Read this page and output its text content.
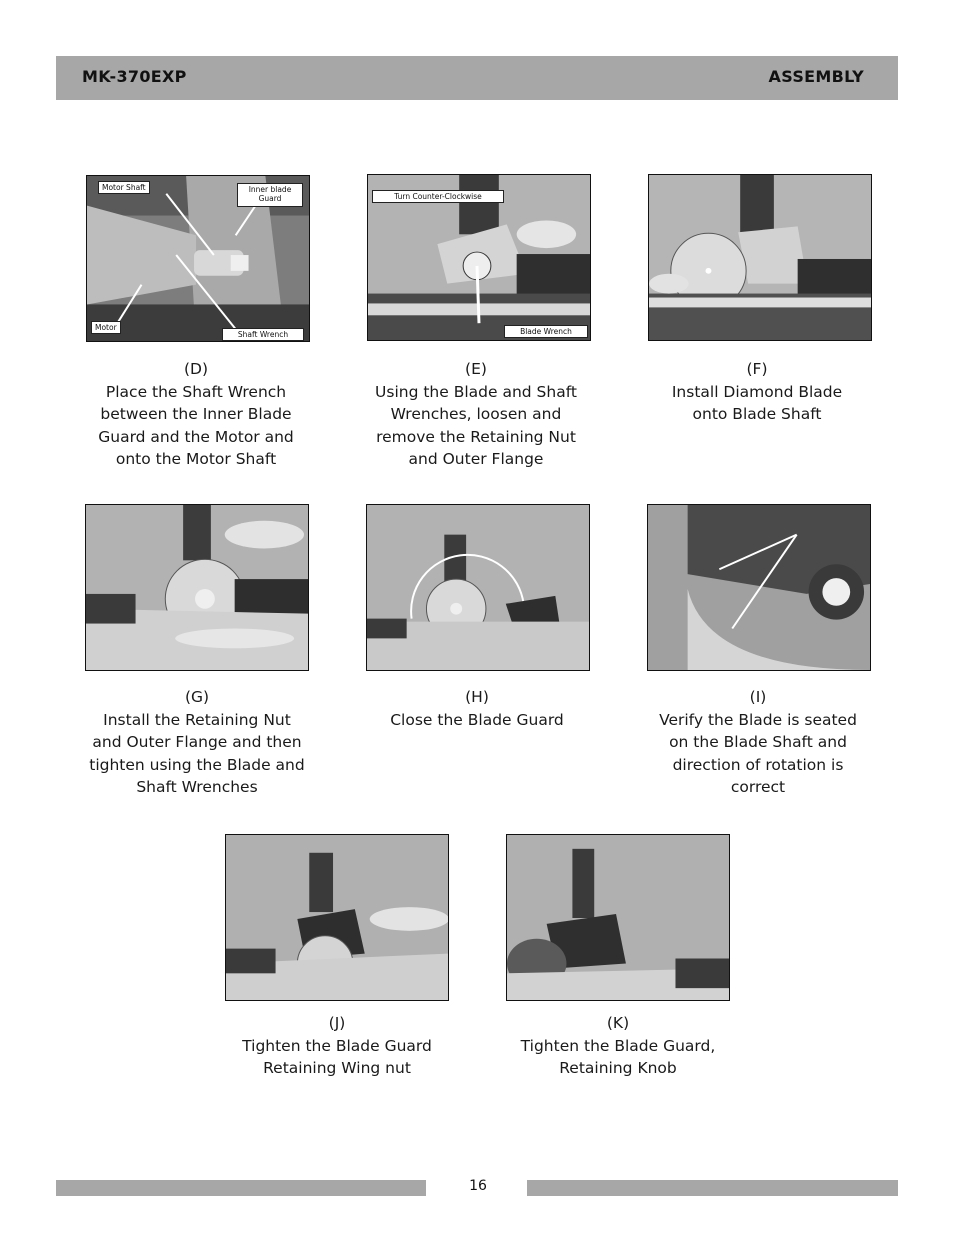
MK-370EXP	ASSEMBLY
Motor Shaft	Inner blade Guard
Motor
Shaft Wrench
(D)
Place the Shaft Wrench
between the Inner Blade
Guard and the Motor and
onto the Motor Shaft
Turn Counter-Clockwise
Blade Wrench
(E)
Using the Blade and Shaft
Wrenches, loosen and
remove the Retaining Nut
and Outer Flange
(F)
Install Diamond Blade
onto Blade Shaft
(G)
Install the Retaining Nut
and Outer Flange and then
tighten using the Blade and
Shaft Wrenches
(H)
Close the Blade Guard
(I)
Verify the Blade is seated
on the Blade Shaft and
direction of rotation is
correct
(J)
Tighten the Blade Guard
Retaining Wing nut
(K)
Tighten the Blade Guard,
Retaining Knob
16
